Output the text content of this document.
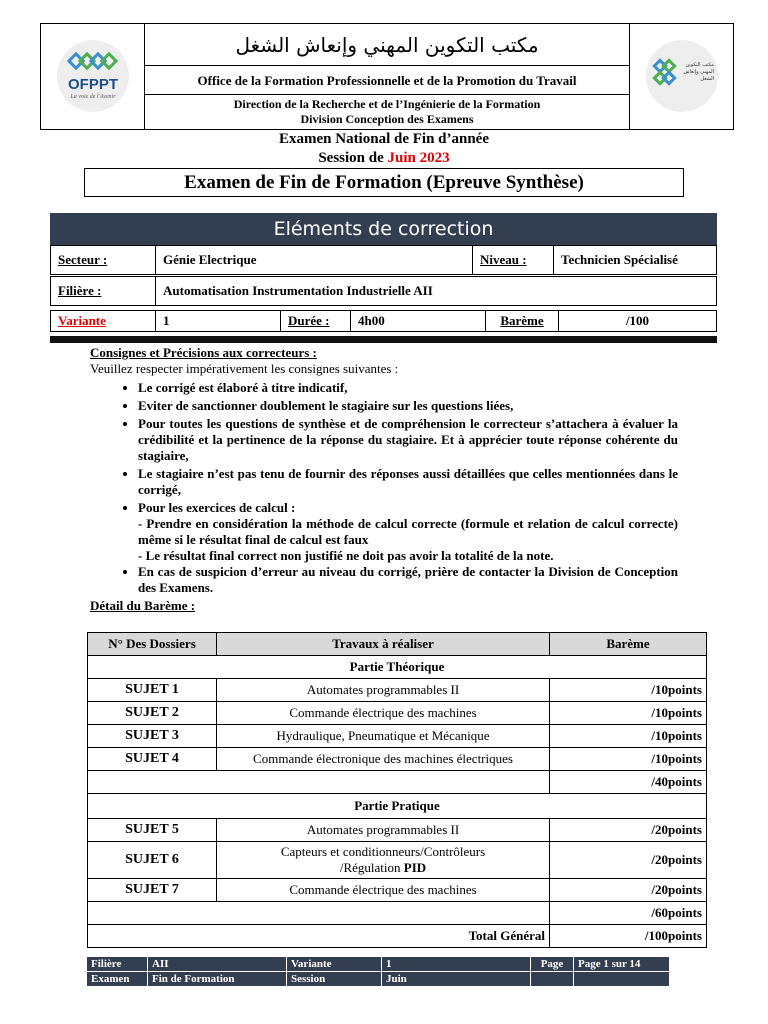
OFPPT
La voie de l'Avenir
مكتب التكوين المهني وإنعاش الشغل
Office de la Formation Professionnelle et de la Promotion du Travail
Direction de la Recherche et de l’Ingénierie de la Formation
Division Conception des Examens
مكتب التكوين المهني وإنعاش الشغل
Examen National de Fin d’année
Session de Juin 2023
Examen de Fin de Formation (Epreuve Synthèse)
Eléments de correction
Secteur :	Génie Electrique	Niveau :	Technicien Spécialisé
Filière :	Automatisation Instrumentation Industrielle AII
Variante	1	Durée :	4h00	Barème	/100
Consignes et Précisions aux correcteurs :
Veuillez respecter impérativement les consignes suivantes :
• Le corrigé est élaboré à titre indicatif,
• Eviter de sanctionner doublement le stagiaire sur les questions liées,
• Pour toutes les questions de synthèse et de compréhension le correcteur s’attachera à évaluer la crédibilité et la pertinence de la réponse du stagiaire. Et à apprécier toute réponse cohérente du stagiaire,
• Le stagiaire n’est pas tenu de fournir des réponses aussi détaillées que celles mentionnées dans le corrigé,
• Pour les exercices de calcul :
- Prendre en considération la méthode de calcul correcte (formule et relation de calcul correcte) même si le résultat final de calcul est faux
- Le résultat final correct non justifié ne doit pas avoir la totalité de la note.
• En cas de suspicion d’erreur au niveau du corrigé, prière de contacter la Division de Conception des Examens.
Détail du Barème :
N° Des Dossiers	Travaux à réaliser	Barème
Partie Théorique		
SUJET 1	Automates programmables II	/10points
SUJET 2	Commande électrique des machines	/10points
SUJET 3	Hydraulique, Pneumatique et Mécanique	/10points
SUJET 4	Commande électronique des machines électriques	/10points
		/40points
Partie Pratique		
SUJET 5	Automates programmables II	/20points
SUJET 6	Capteurs et conditionneurs/Contrôleurs
/Régulation PID	/20points
SUJET 7	Commande électrique des machines	/20points
		/60points
Total Général		/100points
Filière	AII	Variante	1	Page	Page 1 sur 14
Examen	Fin de Formation	Session	Juin		
